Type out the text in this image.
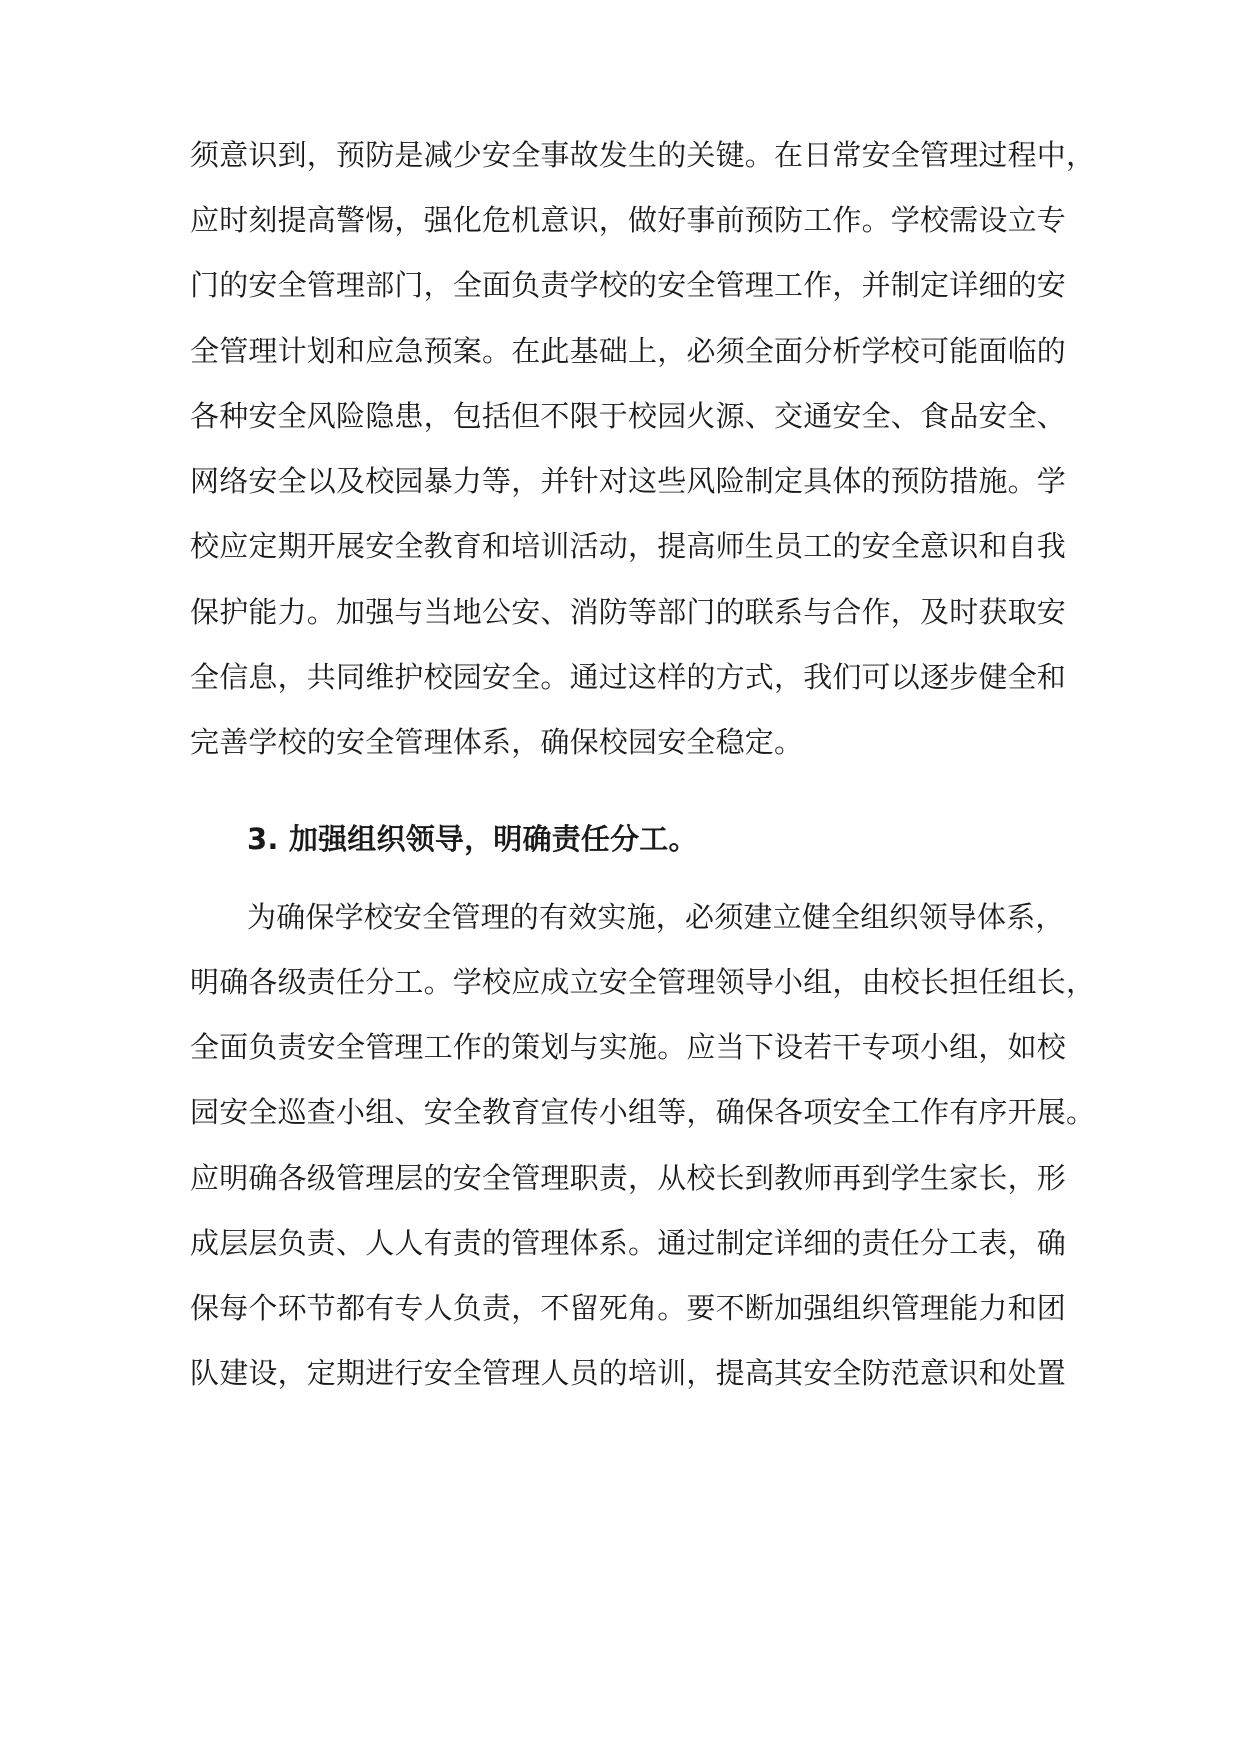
须意识到，预防是减少安全事故发生的关键。在日常安全管理过程中，
应时刻提高警惕，强化危机意识，做好事前预防工作。学校需设立专
门的安全管理部门，全面负责学校的安全管理工作，并制定详细的安
全管理计划和应急预案。在此基础上，必须全面分析学校可能面临的
各种安全风险隐患，包括但不限于校园火源、交通安全、食品安全、
网络安全以及校园暴力等，并针对这些风险制定具体的预防措施。学
校应定期开展安全教育和培训活动，提高师生员工的安全意识和自我
保护能力。加强与当地公安、消防等部门的联系与合作，及时获取安
全信息，共同维护校园安全。通过这样的方式，我们可以逐步健全和
完善学校的安全管理体系，确保校园安全稳定。
3. 加强组织领导，明确责任分工。
为确保学校安全管理的有效实施，必须建立健全组织领导体系，
明确各级责任分工。学校应成立安全管理领导小组，由校长担任组长，
全面负责安全管理工作的策划与实施。应当下设若干专项小组，如校
园安全巡查小组、安全教育宣传小组等，确保各项安全工作有序开展。
应明确各级管理层的安全管理职责，从校长到教师再到学生家长，形
成层层负责、人人有责的管理体系。通过制定详细的责任分工表，确
保每个环节都有专人负责，不留死角。要不断加强组织管理能力和团
队建设，定期进行安全管理人员的培训，提高其安全防范意识和处置
